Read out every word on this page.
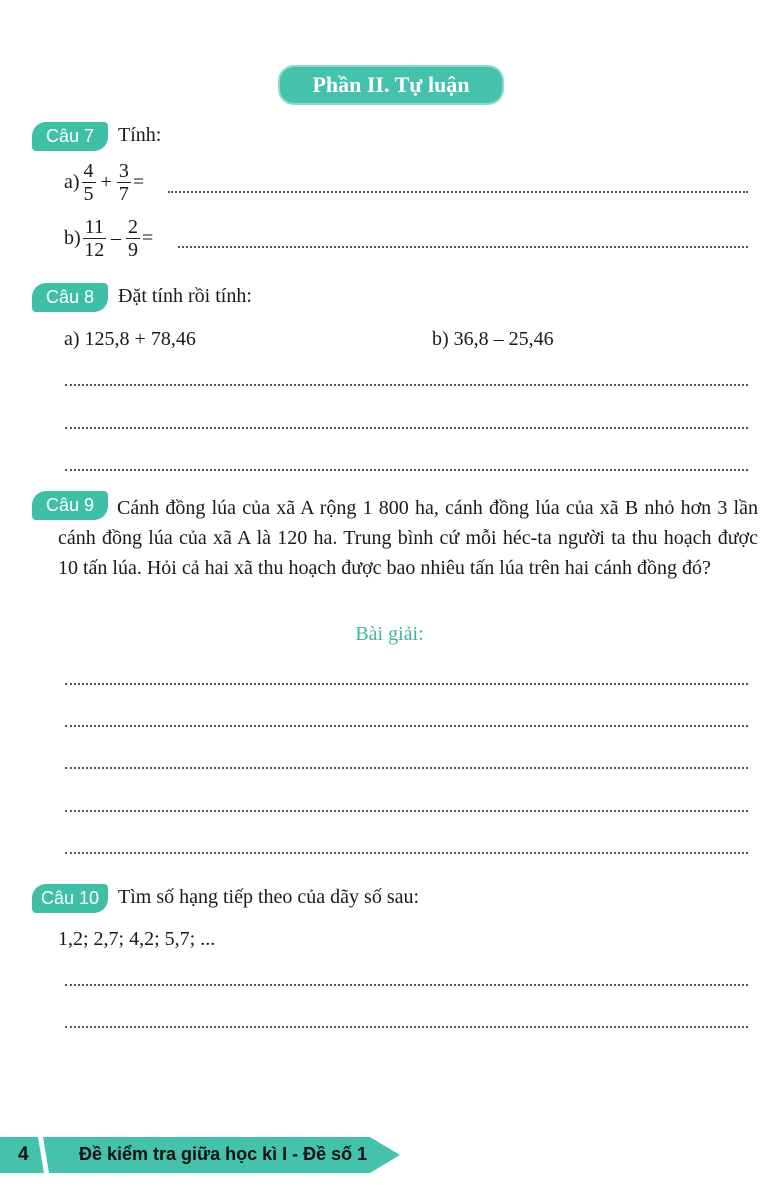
Phần II. Tự luận
Câu 7	Tính:
$a) \frac{4}{5} + \frac{3}{7}$ =
$b) \frac{11}{12} - \frac{2}{9}$ =
Câu 8	Đặt tính rồi tính:
a) 125,8 + 78,46	b) 36,8 – 25,46
Câu 9	Cánh đồng lúa của xã A rộng 1 800 ha, cánh đồng lúa của xã B nhỏ hơn 3 lần cánh đồng lúa của xã A là 120 ha. Trung bình cứ mỗi héc-ta người ta thu hoạch được 10 tấn lúa. Hỏi cả hai xã thu hoạch được bao nhiêu tấn lúa trên hai cánh đồng đó?
Bài giải:
Câu 10 Tìm số hạng tiếp theo của dãy số sau:
1,2; 2,7; 4,2; 5,7; ...
4	Đề kiểm tra giữa học kì I - Đề số 1
